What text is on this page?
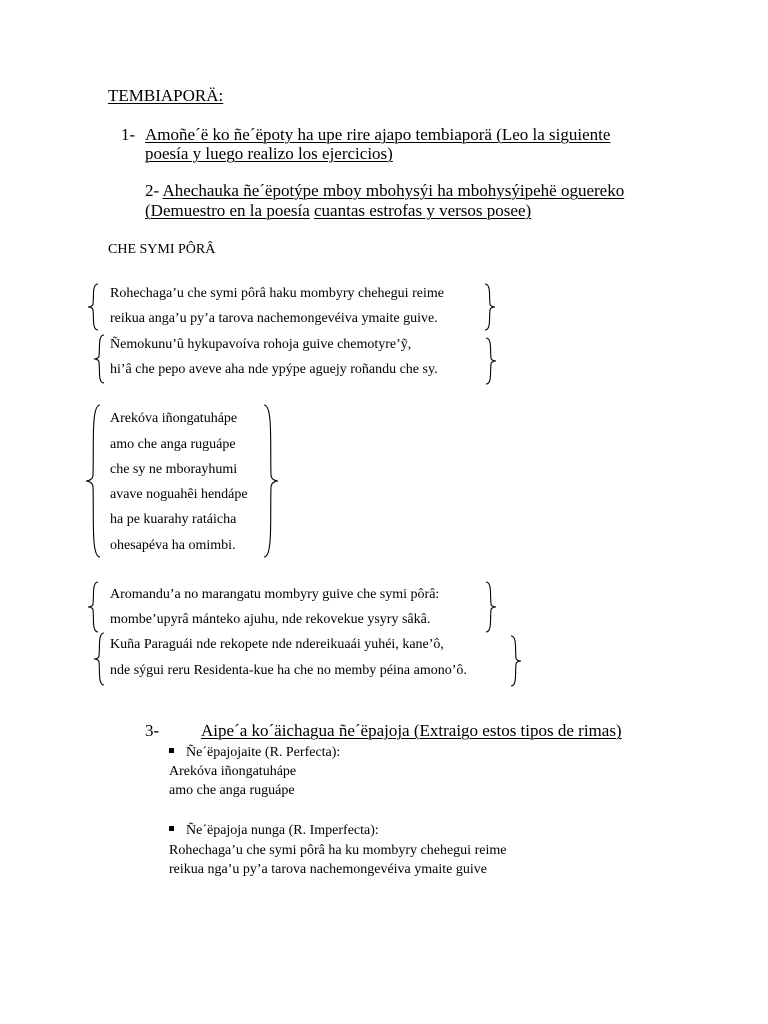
TEMBIAPORÄ:
1- Amoñe´ë ko ñe´ëpoty ha upe rire ajapo tembiaporä (Leo la siguiente
poesía y luego realizo los ejercicios)
2- Ahechauka ñe´ëpotýpe mboy mbohysýi ha mbohysýipehë oguereko
(Demuestro en la poesía cuantas estrofas y versos posee)
CHE SYMI PÔRÂ
Rohechaga’u che symi pôrâ haku mombyry chehegui reime
reikua anga’u py’a tarova nachemongevéiva ymaite guive.
Ñemokunu’û hykupavoíva rohoja guive chemotyre’ỹ,
hi’â che pepo aveve aha nde ypýpe aguejy roñandu che sy.
Arekóva iñongatuhápe
amo che anga ruguápe
che sy ne mborayhumi
avave noguahêi hendápe
ha pe kuarahy ratáicha
ohesapéva ha omimbi.
Aromandu’a no marangatu mombyry guive che symi pôrâ:
mombe’upyrâ mánteko ajuhu, nde rekovekue ysyry sâkâ.
Kuña Paraguái nde rekopete nde ndereikuaái yuhéi, kane’ô,
nde sýgui reru Residenta-kue ha che no memby péina amono’ô.
3- Aipe´a ko´äichagua ñe´ëpajoja (Extraigo estos tipos de rimas)
Ñe´ëpajojaite (R. Perfecta):
Arekóva iñongatuhápe
amo che anga ruguápe
Ñe´ëpajoja nunga (R. Imperfecta):
Rohechaga’u che symi pôrâ ha ku mombyry chehegui reime
reikua nga’u py’a tarova nachemongevéiva ymaite guive
